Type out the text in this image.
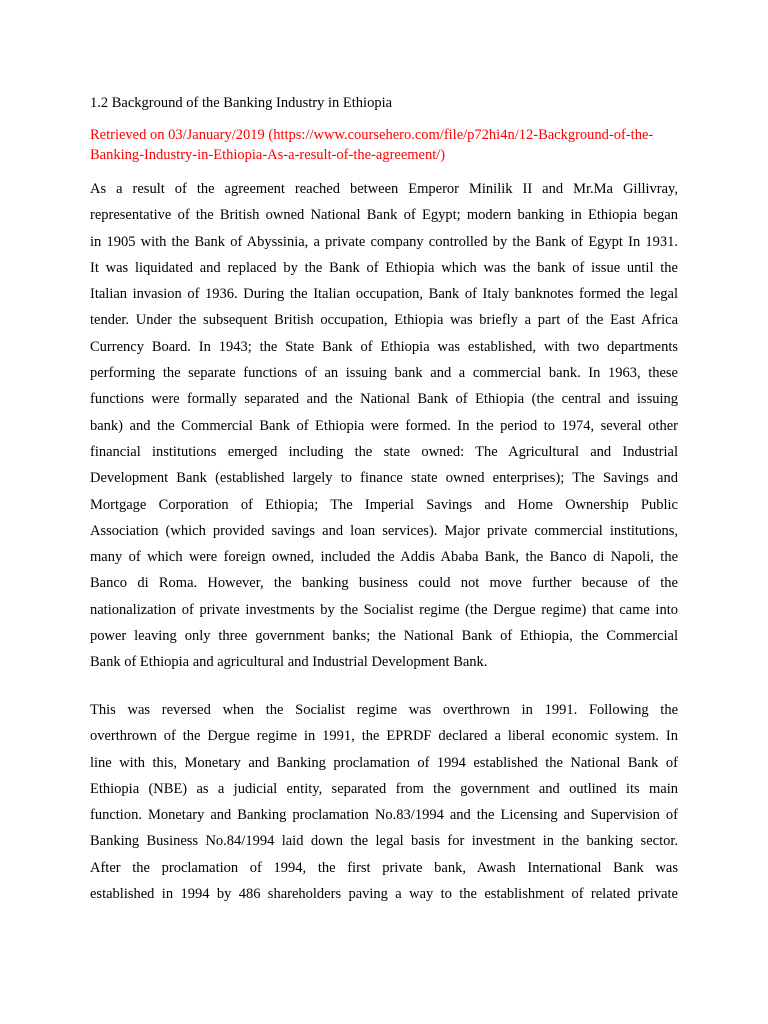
1.2 Background of the Banking Industry in Ethiopia
Retrieved on 03/January/2019 (https://www.coursehero.com/file/p72hi4n/12-Background-of-the-
Banking-Industry-in-Ethiopia-As-a-result-of-the-agreement/)
As a result of the agreement reached between Emperor Minilik II and Mr.Ma Gillivray,
representative of the British owned National Bank of Egypt; modern banking in Ethiopia began
in 1905 with the Bank of Abyssinia, a private company controlled by the Bank of Egypt In 1931.
It was liquidated and replaced by the Bank of Ethiopia which was the bank of issue until the
Italian invasion of 1936. During the Italian occupation, Bank of Italy banknotes formed the legal
tender. Under the subsequent British occupation, Ethiopia was briefly a part of the East Africa
Currency Board. In 1943; the State Bank of Ethiopia was established, with two departments
performing the separate functions of an issuing bank and a commercial bank. In 1963, these
functions were formally separated and the National Bank of Ethiopia (the central and issuing
bank) and the Commercial Bank of Ethiopia were formed. In the period to 1974, several other
financial institutions emerged including the state owned: The Agricultural and Industrial
Development Bank (established largely to finance state owned enterprises); The Savings and
Mortgage Corporation of Ethiopia; The Imperial Savings and Home Ownership Public
Association (which provided savings and loan services). Major private commercial institutions,
many of which were foreign owned, included the Addis Ababa Bank, the Banco di Napoli, the
Banco di Roma. However, the banking business could not move further because of the
nationalization of private investments by the Socialist regime (the Dergue regime) that came into
power leaving only three government banks; the National Bank of Ethiopia, the Commercial
Bank of Ethiopia and agricultural and Industrial Development Bank.
This was reversed when the Socialist regime was overthrown in 1991. Following the
overthrown of the Dergue regime in 1991, the EPRDF declared a liberal economic system. In
line with this, Monetary and Banking proclamation of 1994 established the National Bank of
Ethiopia (NBE) as a judicial entity, separated from the government and outlined its main
function. Monetary and Banking proclamation No.83/1994 and the Licensing and Supervision of
Banking Business No.84/1994 laid down the legal basis for investment in the banking sector.
After the proclamation of 1994, the first private bank, Awash International Bank was
established in 1994 by 486 shareholders paving a way to the establishment of related private
